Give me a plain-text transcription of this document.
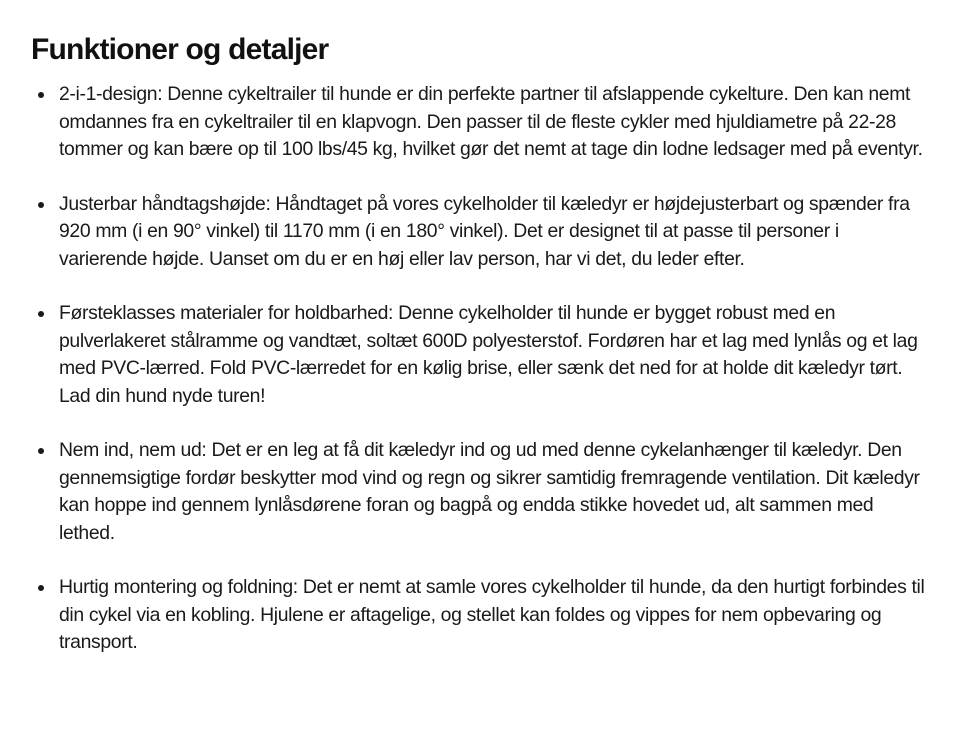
Funktioner og detaljer
2-i-1-design: Denne cykeltrailer til hunde er din perfekte partner til afslappende cykelture. Den kan nemt omdannes fra en cykeltrailer til en klapvogn. Den passer til de fleste cykler med hjuldiametre på 22-28 tommer og kan bære op til 100 lbs/45 kg, hvilket gør det nemt at tage din lodne ledsager med på eventyr.
Justerbar håndtagshøjde: Håndtaget på vores cykelholder til kæledyr er højdejusterbart og spænder fra 920 mm (i en 90° vinkel) til 1170 mm (i en 180° vinkel). Det er designet til at passe til personer i varierende højde. Uanset om du er en høj eller lav person, har vi det, du leder efter.
Førsteklasses materialer for holdbarhed: Denne cykelholder til hunde er bygget robust med en pulverlakeret stålramme og vandtæt, soltæt 600D polyesterstof. Fordøren har et lag med lynlås og et lag med PVC-lærred. Fold PVC-lærredet for en kølig brise, eller sænk det ned for at holde dit kæledyr tørt. Lad din hund nyde turen!
Nem ind, nem ud: Det er en leg at få dit kæledyr ind og ud med denne cykelanhænger til kæledyr. Den gennemsigtige fordør beskytter mod vind og regn og sikrer samtidig fremragende ventilation. Dit kæledyr kan hoppe ind gennem lynlåsdørene foran og bagpå og endda stikke hovedet ud, alt sammen med lethed.
Hurtig montering og foldning: Det er nemt at samle vores cykelholder til hunde, da den hurtigt forbindes til din cykel via en kobling. Hjulene er aftagelige, og stellet kan foldes og vippes for nem opbevaring og transport.
